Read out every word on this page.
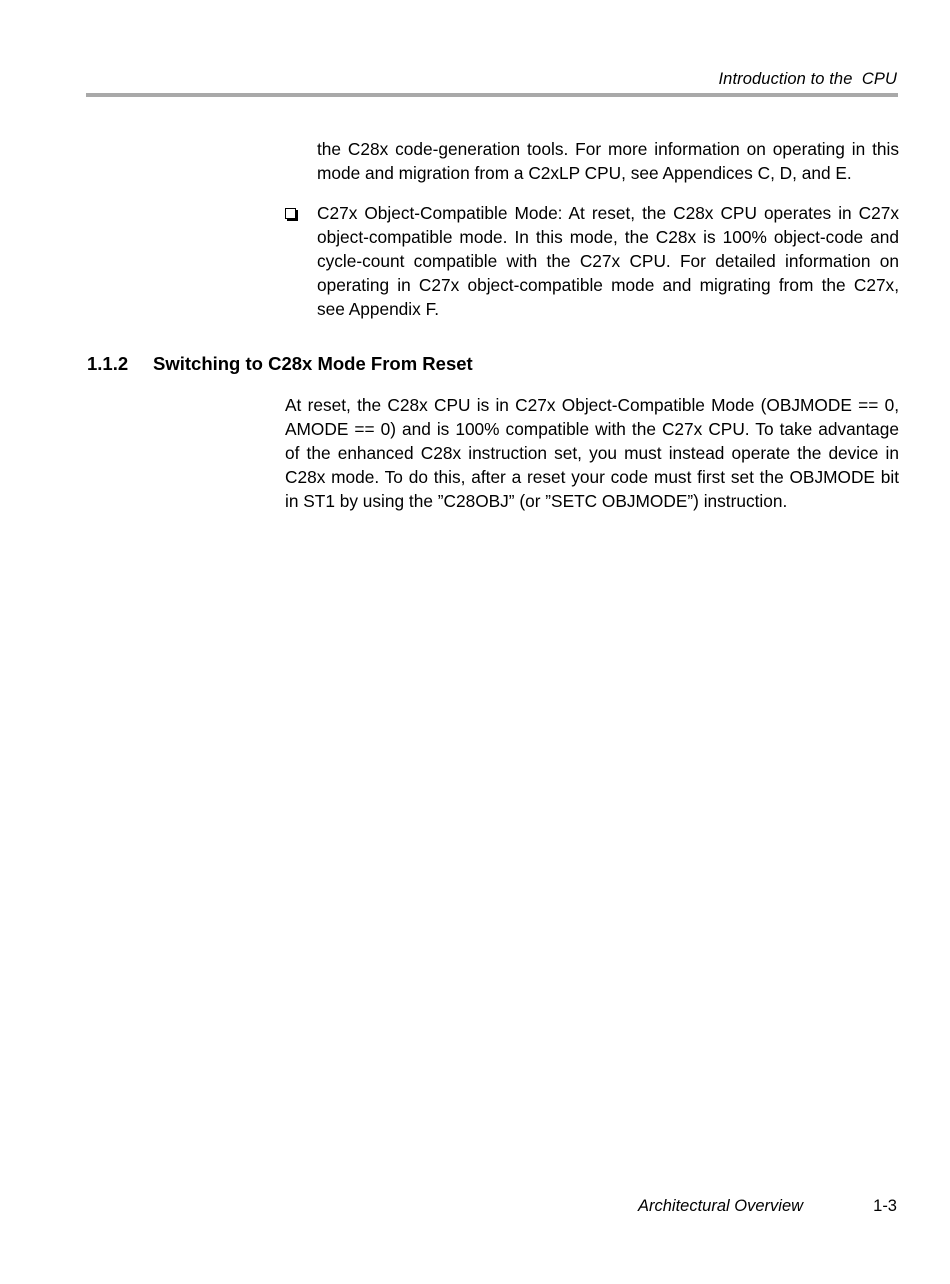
Introduction to the  CPU

the C28x code-generation tools. For more information on operating in this mode and migration from a C2xLP CPU, see Appendices C, D, and E.

C27x Object-Compatible Mode: At reset, the C28x CPU operates in C27x object-compatible mode. In this mode, the C28x is 100% object-code and cycle-count compatible with the C27x CPU. For detailed information on operating in C27x object-compatible mode and migrating from the C27x, see Appendix F.

1.1.2 Switching to C28x Mode From Reset

At reset, the C28x CPU is in C27x Object-Compatible Mode (OBJMODE == 0, AMODE == 0) and is 100% compatible with the C27x CPU. To take advantage of the enhanced C28x instruction set, you must instead operate the device in C28x mode. To do this, after a reset your code must first set the OBJMODE bit in ST1 by using the ”C28OBJ” (or ”SETC OBJMODE”) instruction.

Architectural Overview	1-3
